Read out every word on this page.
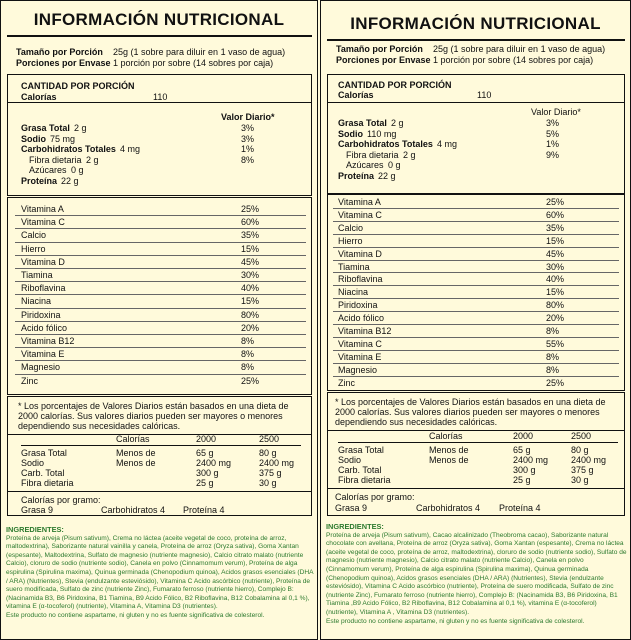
INFORMACIÓN NUTRICIONAL
Tamaño por Porción 25g (1 sobre para diluir en 1 vaso de agua)
Porciones por Envase 1 porción por sobre (14 sobres por caja)
CANTIDAD POR PORCIÓN
Calorías	110
Valor Diario*
Grasa Total 2 g	3%
Sodio 75 mg	3%
Carbohidratos Totales 4 mg	1%
Fibra dietaria 2 g	8%
Azúcares 0 g
Proteína 22 g
Vitamina A	25%
Vitamina C	60%
Calcio	35%
Hierro	15%
Vitamina D	45%
Tiamina	30%
Riboflavina	40%
Niacina	15%
Piridoxina	80%
Acido fólico	20%
Vitamina B12	8%
Vitamina E	8%
Magnesio	8%
Zinc	25%
* Los porcentajes de Valores Diarios están basados en una dieta de 2000 calorías. Sus valores diarios pueden ser mayores o menores dependiendo sus necesidades calóricas.
Calorías	2000	2500
Grasa Total	Menos de	65 g	80 g
Sodio	Menos de	2400 mg	2400 mg
Carb. Total	300 g	375 g
Fibra dietaria	25 g	30 g
Calorías por gramo:
Grasa 9	Carbohidratos 4 Proteína 4
INGREDIENTES:
Proteína de arveja (Pisum sativum), Crema no láctea (aceite vegetal de coco, proteína de arroz, maltodextrina), Saborizante natural vainilla y canela, Proteína de arroz (Oryza sativa), Goma Xantan (espesante), Maltodextrina, Sulfato de magnesio (nutriente magnesio), Calcio citrato malato (nutriente Calcio), cloruro de sodio (nutriente sodio), Canela en polvo (Cinnamomum verum), Proteína de alga espirulina (Spirulina maxima), Quinua germinada (Chenopodium quinoa), Acidos grasos esenciales (DHA / ARA) (Nutrientes), Stevia (endulzante esteviósido), Vitamina C Acido ascórbico (nutriente), Proteína de suero modificada, Sulfato de zinc (nutriente Zinc), Fumarato ferroso (nutriente hierro), Complejo B: (Nacinamida B3, B6 Piridoxina, B1 Tiamina, B9 Acido Fólico, B2 Riboflavina, B12 Cobalamina al 0,1 %), vitamina E (α-tocoferol) (nutriente), Vitamina A, Vitamina D3 (nutrientes).
Este producto no contiene aspartame, ni gluten y no es fuente significativa de colesterol.
INFORMACIÓN NUTRICIONAL
Tamaño por Porción 25g (1 sobre para diluir en 1 vaso de agua)
Porciones por Envase 1 porción por sobre (14 sobres por caja)
CANTIDAD POR PORCIÓN
Calorías	110
Valor Diario*
Grasa Total 2 g	3%
Sodio 110 mg	5%
Carbohidratos Totales 4 mg	1%
Fibra dietaria 2 g	9%
Azúcares 0 g
Proteína 22 g
Vitamina A	25%
Vitamina C	60%
Calcio	35%
Hierro	15%
Vitamina D	45%
Tiamina	30%
Riboflavina	40%
Niacina	15%
Piridoxina	80%
Acido fólico	20%
Vitamina B12	8%
Vitamina C	55%
Vitamina E	8%
Magnesio	8%
Zinc	25%
* Los porcentajes de Valores Diarios están basados en una dieta de 2000 calorías. Sus valores diarios pueden ser mayores o menores dependiendo sus necesidades calóricas.
Calorías	2000	2500
Grasa Total	Menos de	65 g	80 g
Sodio	Menos de	2400 mg	2400 mg
Carb. Total	300 g	375 g
Fibra dietaria	25 g	30 g
Calorías por gramo:
Grasa 9	Carbohidratos 4 Proteína 4
INGREDIENTES:
Proteína de arveja (Pisum sativum), Cacao alcalinizado (Theobroma cacao), Saborizante natural chocolate con avellana, Proteína de arroz (Oryza sativa), Goma Xantan (espesante), Crema no láctea (aceite vegetal de coco, proteína de arroz, maltodextrina), cloruro de sodio (nutriente sodio), Sulfato de magnesio (nutriente magnesio), Calcio citrato malato (nutriente Calcio), Canela en polvo (Cinnamomum verum), Proteína de alga espirulina (Spirulina maxima), Quinua germinada (Chenopodium quinoa), Acidos grasos esenciales (DHA / ARA) (Nutrientes), Stevia (endulzante esteviósido), Vitamina C Acido ascórbico (nutriente), Proteína de suero modificada, Sulfato de zinc (nutriente Zinc), Fumarato ferroso (nutriente hierro), Complejo B: (Nacinamida B3, B6 Piridoxina, B1 Tiamina ,B9 Acido Fólico, B2 Riboflavina, B12 Cobalamina al 0,1 %), vitamina E (α-tocoferol) (nutriente), Vitamina A , Vitamina D3 (nutrientes).
Este producto no contiene aspartame, ni gluten y no es fuente significativa de colesterol.
